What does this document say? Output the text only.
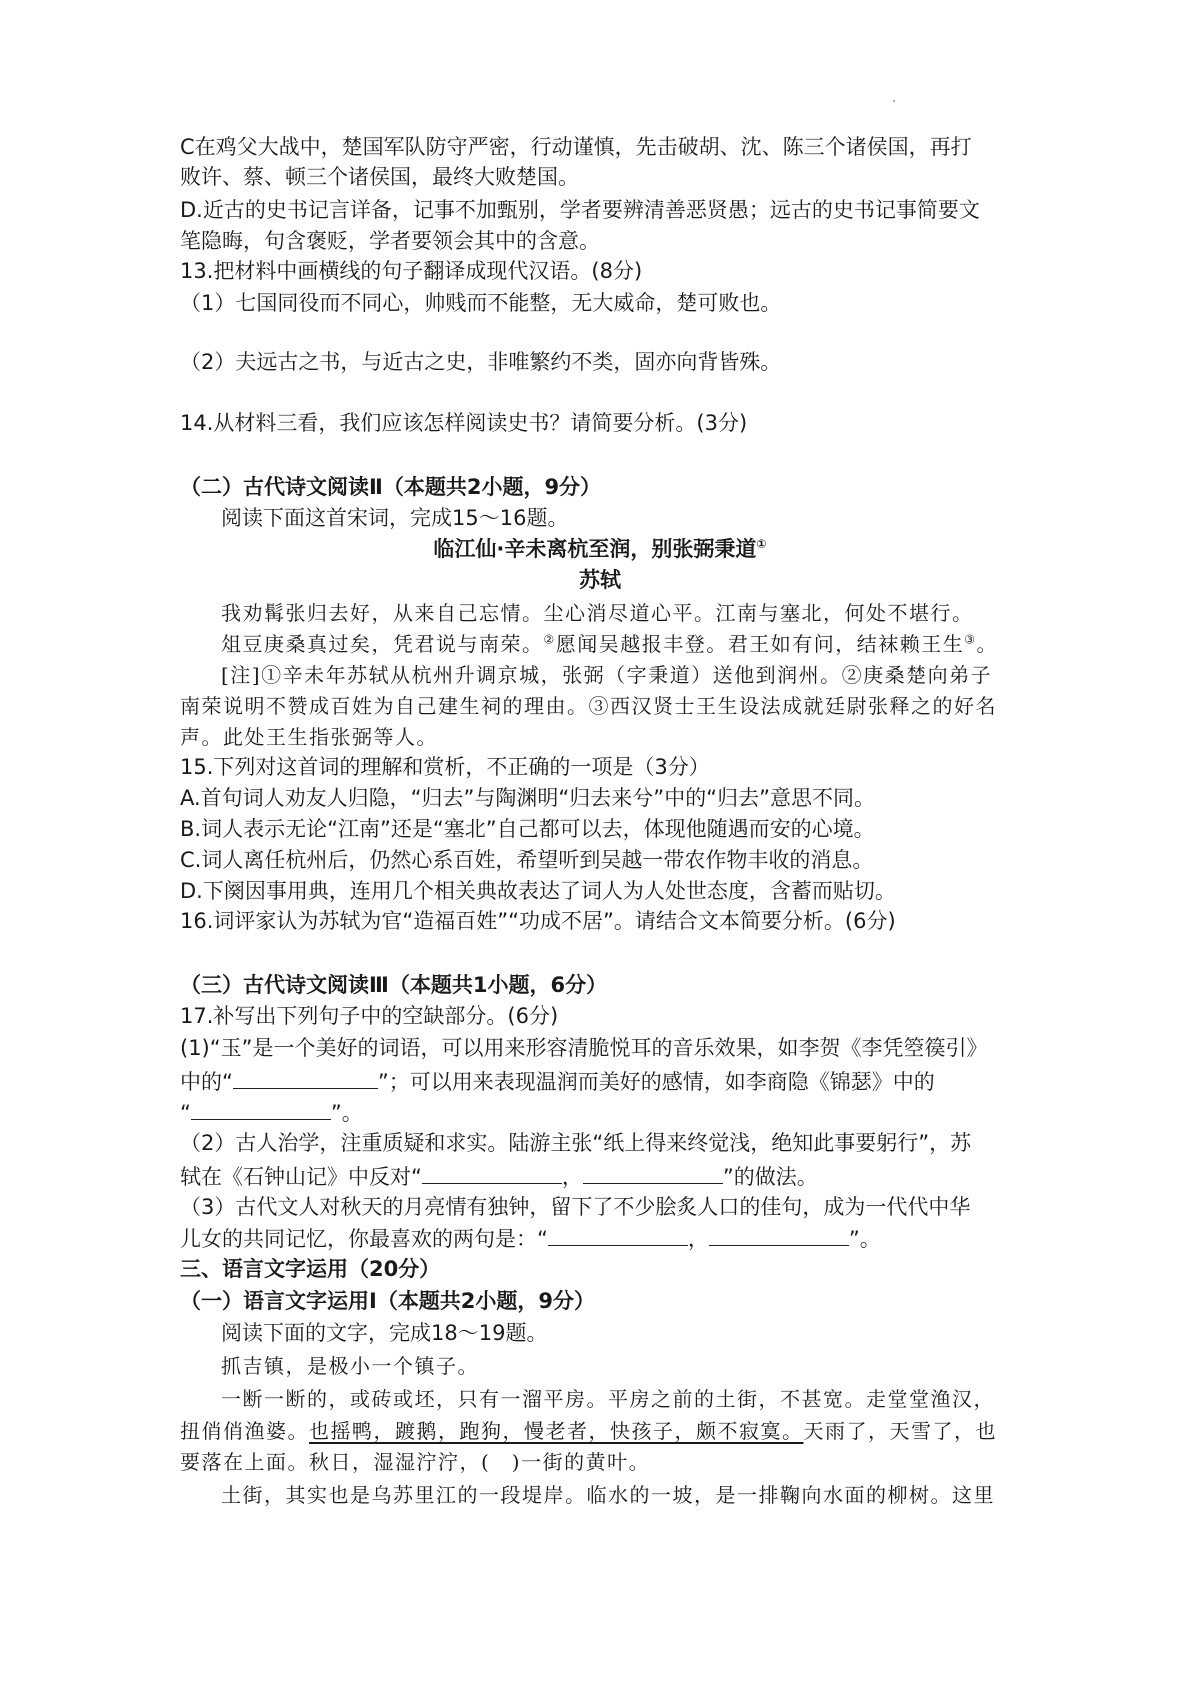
C在鸡父大战中，楚国军队防守严密，行动谨慎，先击破胡、沈、陈三个诸侯国，再打
败许、蔡、顿三个诸侯国，最终大败楚国。
D.近古的史书记言详备，记事不加甄别，学者要辨清善恶贤愚；远古的史书记事简要文
笔隐晦，句含褒贬，学者要领会其中的含意。
13.把材料中画横线的句子翻译成现代汉语。(8分)
（1）七国同役而不同心，帅贱而不能整，无大威命，楚可败也。
（2）夫远古之书，与近古之史，非唯繁约不类，固亦向背皆殊。
14.从材料三看，我们应该怎样阅读史书？请简要分析。(3分)
（二）古代诗文阅读Ⅱ（本题共2小题，9分）
阅读下面这首宋词，完成15～16题。
临江仙·辛未离杭至润，别张弼秉道①
苏轼
我劝髯张归去好，从来自己忘情。尘心消尽道心平。江南与塞北，何处不堪行。
俎豆庚桑真过矣，凭君说与南荣。②愿闻吴越报丰登。君王如有问，结袜赖王生③。
[注]①辛未年苏轼从杭州升调京城，张弼（字秉道）送他到润州。②庚桑楚向弟子
南荣说明不赞成百姓为自己建生祠的理由。③西汉贤士王生设法成就廷尉张释之的好名
声。此处王生指张弼等人。
15.下列对这首词的理解和赏析，不正确的一项是（3分）
A.首句词人劝友人归隐，“归去”与陶渊明“归去来兮”中的“归去”意思不同。
B.词人表示无论“江南”还是“塞北”自己都可以去，体现他随遇而安的心境。
C.词人离任杭州后，仍然心系百姓，希望听到吴越一带农作物丰收的消息。
D.下阕因事用典，连用几个相关典故表达了词人为人处世态度，含蓄而贴切。
16.词评家认为苏轼为官“造福百姓”“功成不居”。请结合文本简要分析。(6分)
（三）古代诗文阅读Ⅲ（本题共1小题，6分）
17.补写出下列句子中的空缺部分。(6分)
(1)“玉”是一个美好的词语，可以用来形容清脆悦耳的音乐效果，如李贺《李凭箜篌引》
中的“	”；可以用来表现温润而美好的感情，如李商隐《锦瑟》中的
“	”。
（2）古人治学，注重质疑和求实。陆游主张“纸上得来终觉浅，绝知此事要躬行”，苏
轼在《石钟山记》中反对“	，	”的做法。
（3）古代文人对秋天的月亮情有独钟，留下了不少脍炙人口的佳句，成为一代代中华
儿女的共同记忆，你最喜欢的两句是：“	，	”。
三、语言文字运用（20分）
（一）语言文字运用Ⅰ（本题共2小题，9分）
阅读下面的文字，完成18～19题。
抓吉镇，是极小一个镇子。
一断一断的，或砖或坯，只有一溜平房。平房之前的土街，不甚宽。走堂堂渔汉，
扭俏俏渔婆。也摇鸭，踱鹅，跑狗，慢老者，快孩子，颇不寂寞。天雨了，天雪了，也
要落在上面。秋日，湿湿泞泞，(　)一街的黄叶。
土街，其实也是乌苏里江的一段堤岸。临水的一坡，是一排鞠向水面的柳树。这里
